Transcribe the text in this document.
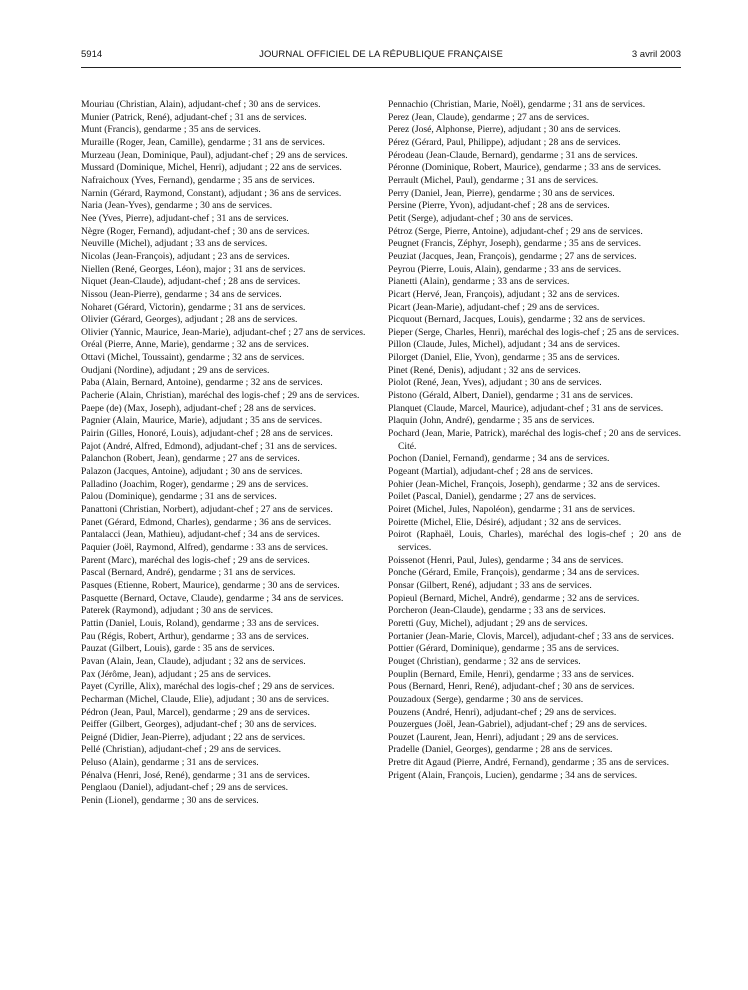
JOURNAL OFFICIEL DE LA RÉPUBLIQUE FRANÇAISE
5914	3 avril 2003

Mouriau (Christian, Alain), adjudant-chef ; 30 ans de services.

Munier (Patrick, René), adjudant-chef ; 31 ans de services.

Munt (Francis), gendarme ; 35 ans de services.

Muraille (Roger, Jean, Camille), gendarme ; 31 ans de services.

Murzeau (Jean, Dominique, Paul), adjudant-chef ; 29 ans de services.

Mussard (Dominique, Michel, Henri), adjudant ; 22 ans de services.

Nafraichoux (Yves, Fernand), gendarme ; 35 ans de services.

Narnin (Gérard, Raymond, Constant), adjudant ; 36 ans de services.

Naria (Jean-Yves), gendarme ; 30 ans de services.

Nee (Yves, Pierre), adjudant-chef ; 31 ans de services.

Nègre (Roger, Fernand), adjudant-chef ; 30 ans de services.

Neuville (Michel), adjudant ; 33 ans de services.

Nicolas (Jean-François), adjudant ; 23 ans de services.

Niellen (René, Georges, Léon), major ; 31 ans de services.

Niquet (Jean-Claude), adjudant-chef ; 28 ans de services.

Nissou (Jean-Pierre), gendarme ; 34 ans de services.

Noharet (Gérard, Victorin), gendarme ; 31 ans de services.

Olivier (Gérard, Georges), adjudant ; 28 ans de services.

Olivier (Yannic, Maurice, Jean-Marie), adjudant-chef ; 27 ans de services.

Oréal (Pierre, Anne, Marie), gendarme ; 32 ans de services.

Ottavi (Michel, Toussaint), gendarme ; 32 ans de services.

Oudjani (Nordine), adjudant ; 29 ans de services.

Paba (Alain, Bernard, Antoine), gendarme ; 32 ans de services.

Pacherie (Alain, Christian), maréchal des logis-chef ; 29 ans de services.

Paepe (de) (Max, Joseph), adjudant-chef ; 28 ans de services.

Pagnier (Alain, Maurice, Marie), adjudant ; 35 ans de services.

Pairin (Gilles, Honoré, Louis), adjudant-chef ; 28 ans de services.

Pajot (André, Alfred, Edmond), adjudant-chef ; 31 ans de services.

Palanchon (Robert, Jean), gendarme ; 27 ans de services.

Palazon (Jacques, Antoine), adjudant ; 30 ans de services.

Palladino (Joachim, Roger), gendarme ; 29 ans de services.

Palou (Dominique), gendarme ; 31 ans de services.

Panattoni (Christian, Norbert), adjudant-chef ; 27 ans de services.

Panet (Gérard, Edmond, Charles), gendarme ; 36 ans de services.

Pantalacci (Jean, Mathieu), adjudant-chef ; 34 ans de services.

Paquier (Joël, Raymond, Alfred), gendarme : 33 ans de services.

Parent (Marc), maréchal des logis-chef ; 29 ans de services.

Pascal (Bernard, André), gendarme ; 31 ans de services.

Pasques (Etienne, Robert, Maurice), gendarme ; 30 ans de services.

Pasquette (Bernard, Octave, Claude), gendarme ; 34 ans de services.

Paterek (Raymond), adjudant ; 30 ans de services.

Pattin (Daniel, Louis, Roland), gendarme ; 33 ans de services.

Pau (Régis, Robert, Arthur), gendarme ; 33 ans de services.

Pauzat (Gilbert, Louis), garde : 35 ans de services.

Pavan (Alain, Jean, Claude), adjudant ; 32 ans de services.

Pax (Jérôme, Jean), adjudant ; 25 ans de services.

Payet (Cyrille, Alix), maréchal des logis-chef ; 29 ans de services.

Pecharman (Michel, Claude, Elie), adjudant ; 30 ans de services.

Pédron (Jean, Paul, Marcel), gendarme ; 29 ans de services.

Peiffer (Gilbert, Georges), adjudant-chef ; 30 ans de services.

Peigné (Didier, Jean-Pierre), adjudant ; 22 ans de services.

Pellé (Christian), adjudant-chef ; 29 ans de services.

Peluso (Alain), gendarme ; 31 ans de services.

Pénalva (Henri, José, René), gendarme ; 31 ans de services.

Penglaou (Daniel), adjudant-chef ; 29 ans de services.

Penin (Lionel), gendarme ; 30 ans de services.

Pennachio (Christian, Marie, Noël), gendarme ; 31 ans de services.

Perez (Jean, Claude), gendarme ; 27 ans de services.

Perez (José, Alphonse, Pierre), adjudant ; 30 ans de services.

Pérez (Gérard, Paul, Philippe), adjudant ; 28 ans de services.

Pérodeau (Jean-Claude, Bernard), gendarme ; 31 ans de services.

Péronne (Dominique, Robert, Maurice), gendarme ; 33 ans de services.

Perrault (Michel, Paul), gendarme ; 31 ans de services.

Perry (Daniel, Jean, Pierre), gendarme ; 30 ans de services.

Persine (Pierre, Yvon), adjudant-chef ; 28 ans de services.

Petit (Serge), adjudant-chef ; 30 ans de services.

Pétroz (Serge, Pierre, Antoine), adjudant-chef ; 29 ans de services.

Peugnet (Francis, Zéphyr, Joseph), gendarme ; 35 ans de services.

Peuziat (Jacques, Jean, François), gendarme ; 27 ans de services.

Peyrou (Pierre, Louis, Alain), gendarme ; 33 ans de services.

Pianetti (Alain), gendarme ; 33 ans de services.

Picart (Hervé, Jean, François), adjudant ; 32 ans de services.

Picart (Jean-Marie), adjudant-chef ; 29 ans de services.

Picquout (Bernard, Jacques, Louis), gendarme ; 32 ans de services.

Pieper (Serge, Charles, Henri), maréchal des logis-chef ; 25 ans de services.

Pillon (Claude, Jules, Michel), adjudant ; 34 ans de services.

Pilorget (Daniel, Elie, Yvon), gendarme ; 35 ans de services.

Pinet (René, Denis), adjudant ; 32 ans de services.

Piolot (René, Jean, Yves), adjudant ; 30 ans de services.

Pistono (Gérald, Albert, Daniel), gendarme ; 31 ans de services.

Planquet (Claude, Marcel, Maurice), adjudant-chef ; 31 ans de services.

Plaquin (John, André), gendarme ; 35 ans de services.

Pochard (Jean, Marie, Patrick), maréchal des logis-chef ; 20 ans de services. Cité.

Pochon (Daniel, Fernand), gendarme ; 34 ans de services.

Pogeant (Martial), adjudant-chef ; 28 ans de services.

Pohier (Jean-Michel, François, Joseph), gendarme ; 32 ans de services.

Poilet (Pascal, Daniel), gendarme ; 27 ans de services.

Poiret (Michel, Jules, Napoléon), gendarme ; 31 ans de services.

Poirette (Michel, Elie, Désiré), adjudant ; 32 ans de services.

Poirot (Raphaël, Louis, Charles), maréchal des logis-chef ; 20 ans de services.

Poissenot (Henri, Paul, Jules), gendarme ; 34 ans de services.

Ponche (Gérard, Emile, François), gendarme ; 34 ans de services.

Ponsar (Gilbert, René), adjudant ; 33 ans de services.

Popieul (Bernard, Michel, André), gendarme ; 32 ans de services.

Porcheron (Jean-Claude), gendarme ; 33 ans de services.

Poretti (Guy, Michel), adjudant ; 29 ans de services.

Portanier (Jean-Marie, Clovis, Marcel), adjudant-chef ; 33 ans de services.

Pottier (Gérard, Dominique), gendarme ; 35 ans de services.

Pouget (Christian), gendarme ; 32 ans de services.

Pouplin (Bernard, Emile, Henri), gendarme ; 33 ans de services.

Pous (Bernard, Henri, René), adjudant-chef ; 30 ans de services.

Pouzadoux (Serge), gendarme ; 30 ans de services.

Pouzens (André, Henri), adjudant-chef ; 29 ans de services.

Pouzergues (Joël, Jean-Gabriel), adjudant-chef ; 29 ans de services.

Pouzet (Laurent, Jean, Henri), adjudant ; 29 ans de services.

Pradelle (Daniel, Georges), gendarme ; 28 ans de services.

Pretre dit Agaud (Pierre, André, Fernand), gendarme ; 35 ans de services.

Prigent (Alain, François, Lucien), gendarme ; 34 ans de services.
